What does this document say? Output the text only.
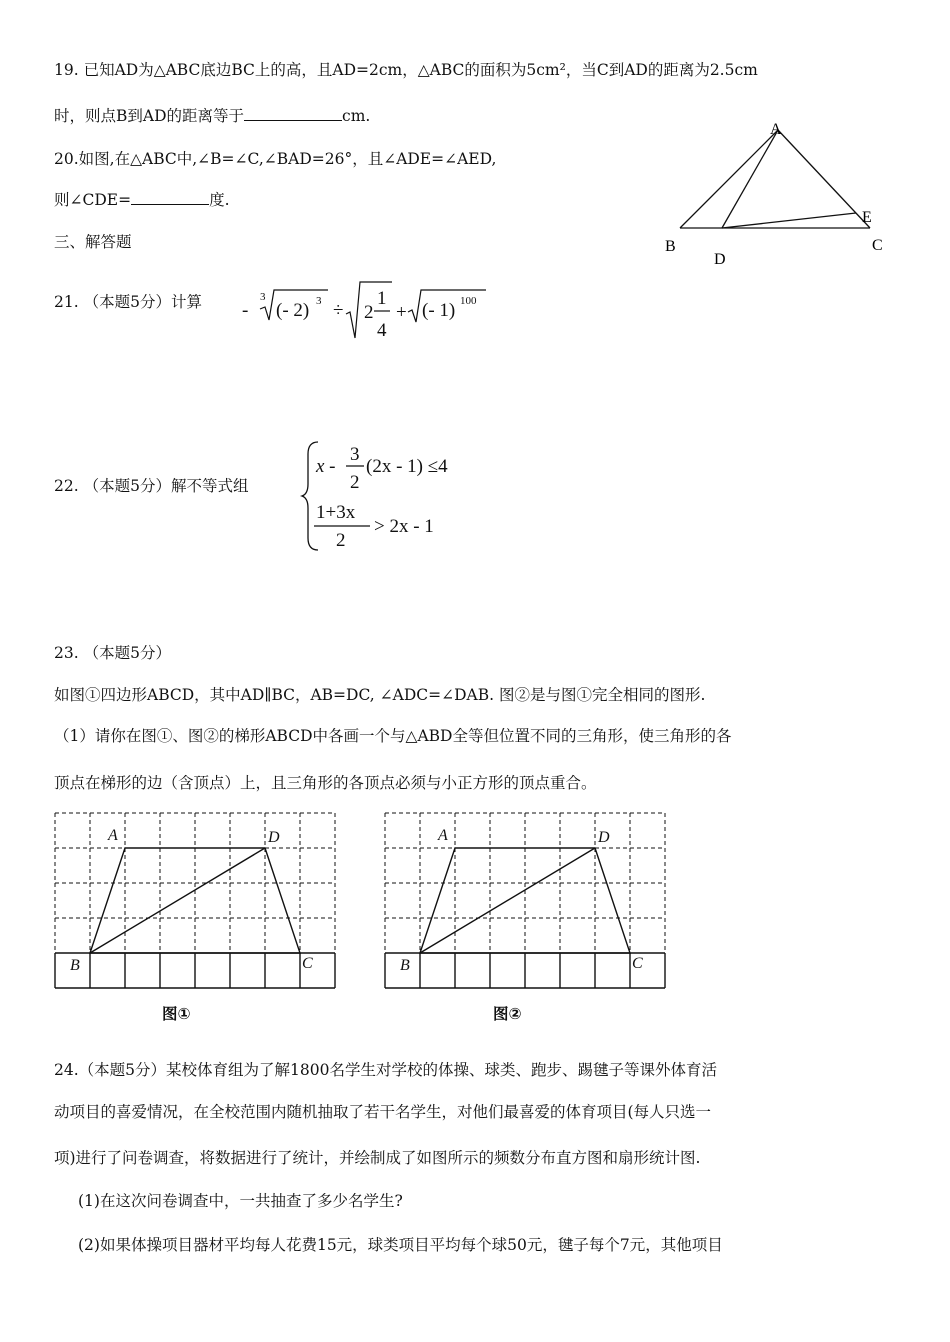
19. 已知AD为△ABC底边BC上的高，且AD=2cm，△ABC的面积为5cm²，当C到AD的距离为2.5cm
时，则点B到AD的距离等于	cm.
20.如图,在△ABC中,∠B=∠C,∠BAD=26°，且∠ADE=∠AED,
则∠CDE=	度.
A
B	C
D
E
三、解答题
21. （本题5分）计算 -
3
(- 2) 3 ÷ 2
1
4
+ (- 1) 100
22. （本题5分）解不等式组
x -
3
2
(2x - 1) ≤4
1+3x
2
> 2x - 1
23. （本题5分）
如图①四边形ABCD，其中AD∥BC，AB=DC, ∠ADC=∠DAB. 图②是与图①完全相同的图形.
（1）请你在图①、图②的梯形ABCD中各画一个与△ABD全等但位置不同的三角形，使三角形的各
顶点在梯形的边（含顶点）上，且三角形的各顶点必须与小正方形的顶点重合。
A	D
B	C
图①
A	D
B	C
图②
24.（本题5分）某校体育组为了解1800名学生对学校的体操、球类、跑步、踢毽子等课外体育活
动项目的喜爱情况，在全校范围内随机抽取了若干名学生，对他们最喜爱的体育项目(每人只选一
项)进行了问卷调查，将数据进行了统计，并绘制成了如图所示的频数分布直方图和扇形统计图.
(1)在这次问卷调查中，一共抽查了多少名学生?
(2)如果体操项目器材平均每人花费15元，球类项目平均每个球50元，毽子每个7元，其他项目
